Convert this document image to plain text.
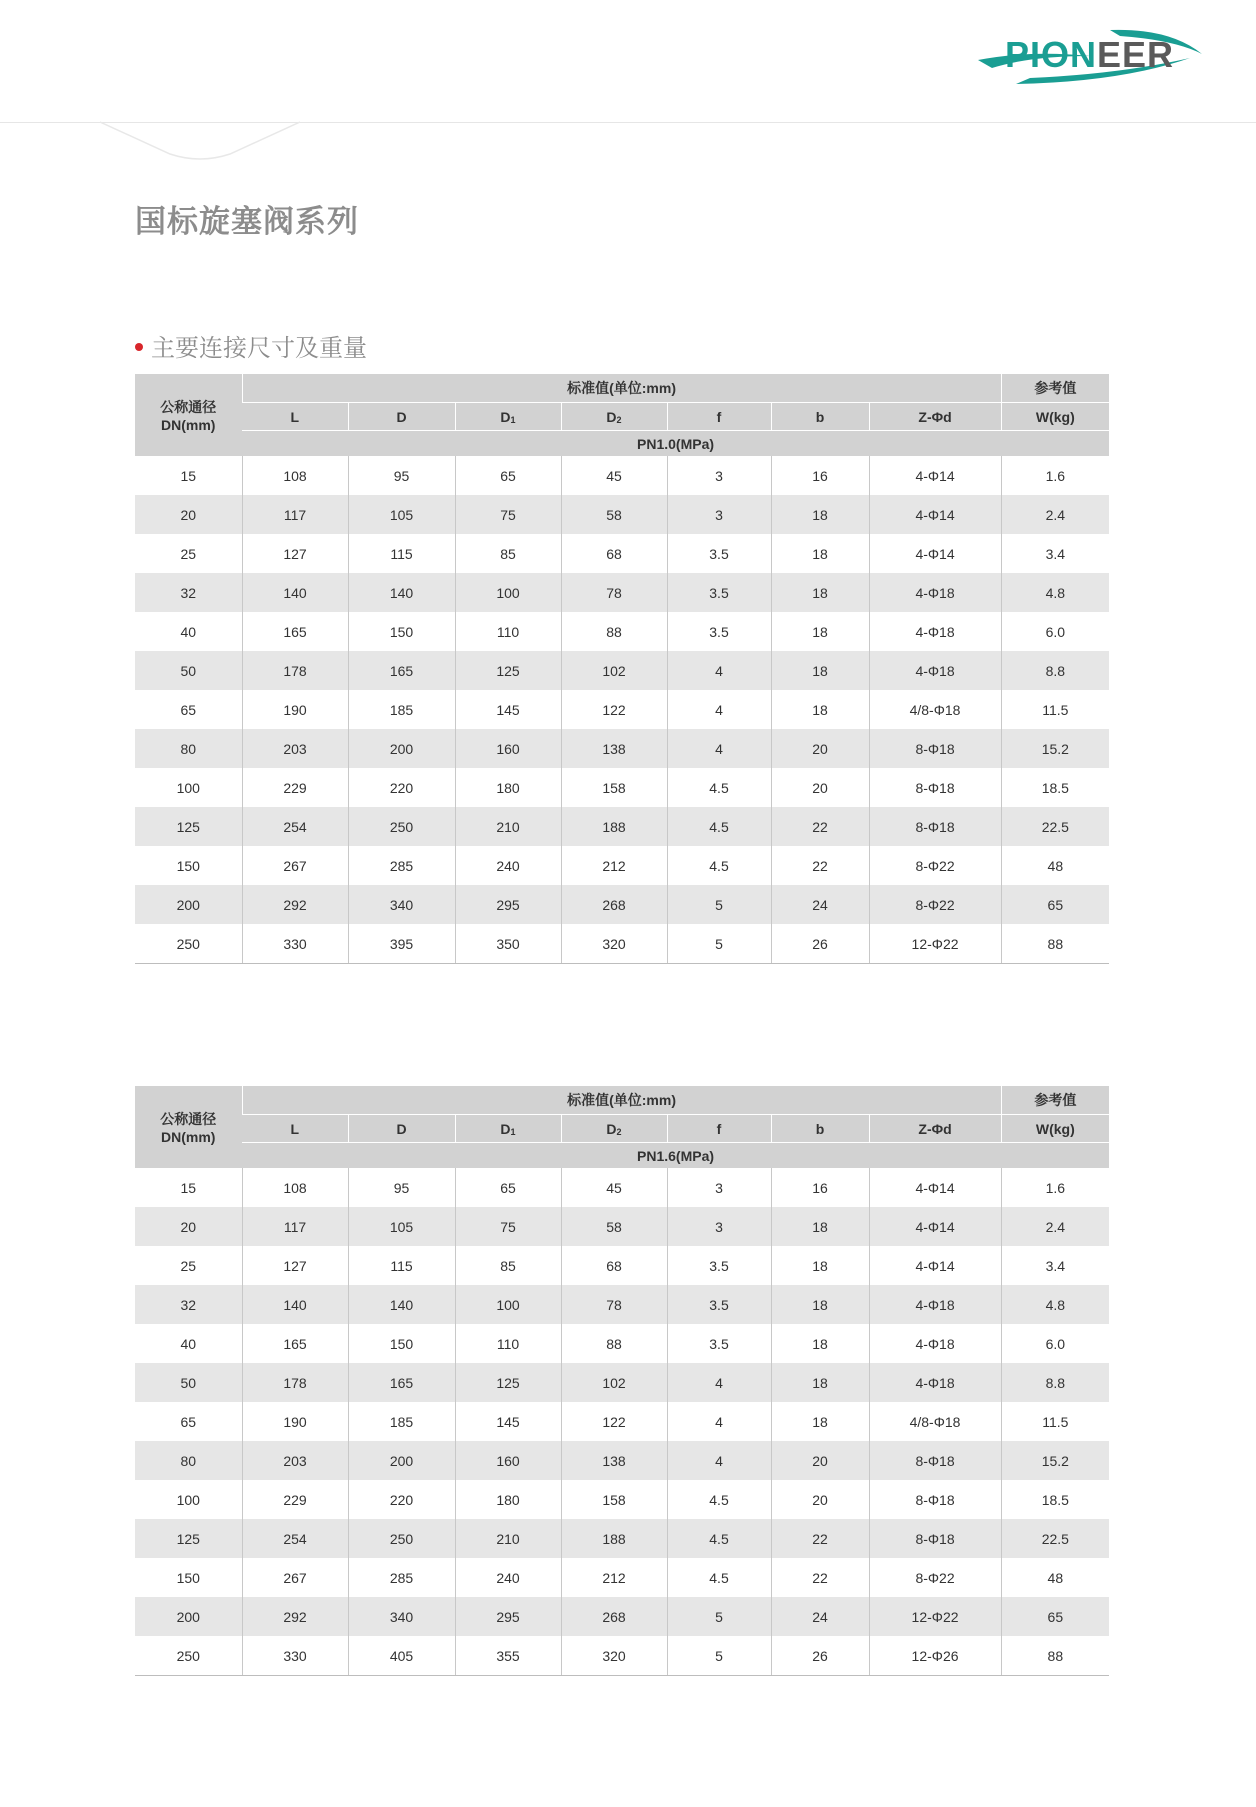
PIONEER
国标旋塞阀系列
主要连接尺寸及重量
公称通径
DN(mm)	标准值(单位:mm)							参考值
	L	D	$D_1$	$D_2$	f	b	Z-Φd	W(kg)
	PN1.0(MPa)							
15	108	95	65	45	3	16	4-Φ14	1.6
20	117	105	75	58	3	18	4-Φ14	2.4
25	127	115	85	68	3.5	18	4-Φ14	3.4
32	140	140	100	78	3.5	18	4-Φ18	4.8
40	165	150	110	88	3.5	18	4-Φ18	6.0
50	178	165	125	102	4	18	4-Φ18	8.8
65	190	185	145	122	4	18	4/8-Φ18	11.5
80	203	200	160	138	4	20	8-Φ18	15.2
100	229	220	180	158	4.5	20	8-Φ18	18.5
125	254	250	210	188	4.5	22	8-Φ18	22.5
150	267	285	240	212	4.5	22	8-Φ22	48
200	292	340	295	268	5	24	8-Φ22	65
250	330	395	350	320	5	26	12-Φ22	88
公称通径
DN(mm)	标准值(单位:mm)							参考值
	L	D	$D_1$	$D_2$	f	b	Z-Φd	W(kg)
	PN1.6(MPa)							
15	108	95	65	45	3	16	4-Φ14	1.6
20	117	105	75	58	3	18	4-Φ14	2.4
25	127	115	85	68	3.5	18	4-Φ14	3.4
32	140	140	100	78	3.5	18	4-Φ18	4.8
40	165	150	110	88	3.5	18	4-Φ18	6.0
50	178	165	125	102	4	18	4-Φ18	8.8
65	190	185	145	122	4	18	4/8-Φ18	11.5
80	203	200	160	138	4	20	8-Φ18	15.2
100	229	220	180	158	4.5	20	8-Φ18	18.5
125	254	250	210	188	4.5	22	8-Φ18	22.5
150	267	285	240	212	4.5	22	8-Φ22	48
200	292	340	295	268	5	24	12-Φ22	65
250	330	405	355	320	5	26	12-Φ26	88
